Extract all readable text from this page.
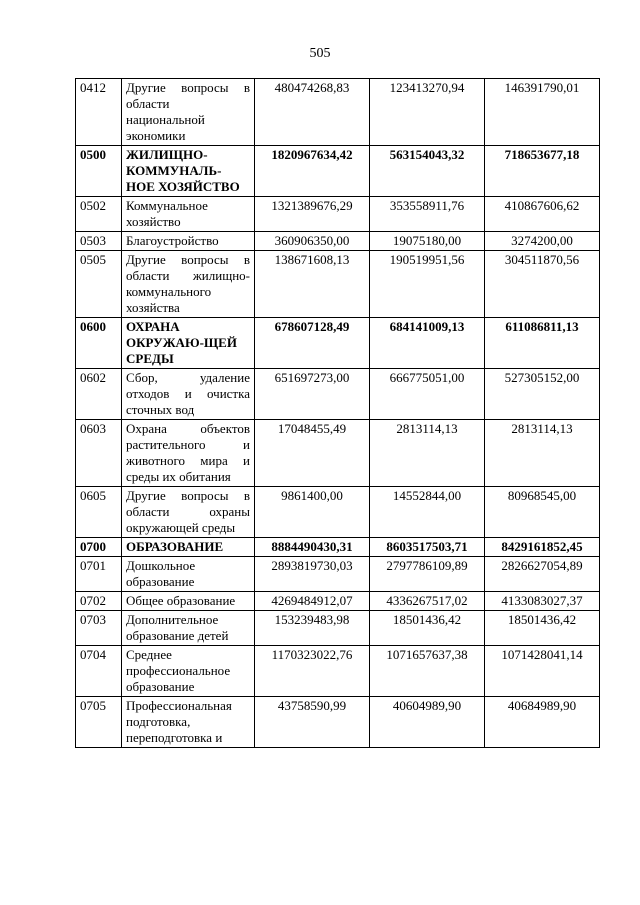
505
0412	Другие вопросы в области национальной экономики	480474268,83	123413270,94	146391790,01
0500	ЖИЛИЩНО-КОММУНАЛЬ-НОЕ ХОЗЯЙСТВО	1820967634,42	563154043,32	718653677,18
0502	Коммунальное хозяйство	1321389676,29	353558911,76	410867606,62
0503	Благоустройство	360906350,00	19075180,00	3274200,00
0505	Другие вопросы в области жилищно-коммунального хозяйства	138671608,13	190519951,56	304511870,56
0600	ОХРАНА ОКРУЖАЮ-ЩЕЙ СРЕДЫ	678607128,49	684141009,13	611086811,13
0602	Сбор, удаление отходов и очистка сточных вод	651697273,00	666775051,00	527305152,00
0603	Охрана объектов растительного и животного мира и среды их обитания	17048455,49	2813114,13	2813114,13
0605	Другие вопросы в области охраны окружающей среды	9861400,00	14552844,00	80968545,00
0700	ОБРАЗОВАНИЕ	8884490430,31	8603517503,71	8429161852,45
0701	Дошкольное образование	2893819730,03	2797786109,89	2826627054,89
0702	Общее образование	4269484912,07	4336267517,02	4133083027,37
0703	Дополнительное образование детей	153239483,98	18501436,42	18501436,42
0704	Среднее профессиональное образование	1170323022,76	1071657637,38	1071428041,14
0705	Профессиональная подготовка, переподготовка и	43758590,99	40604989,90	40684989,90
